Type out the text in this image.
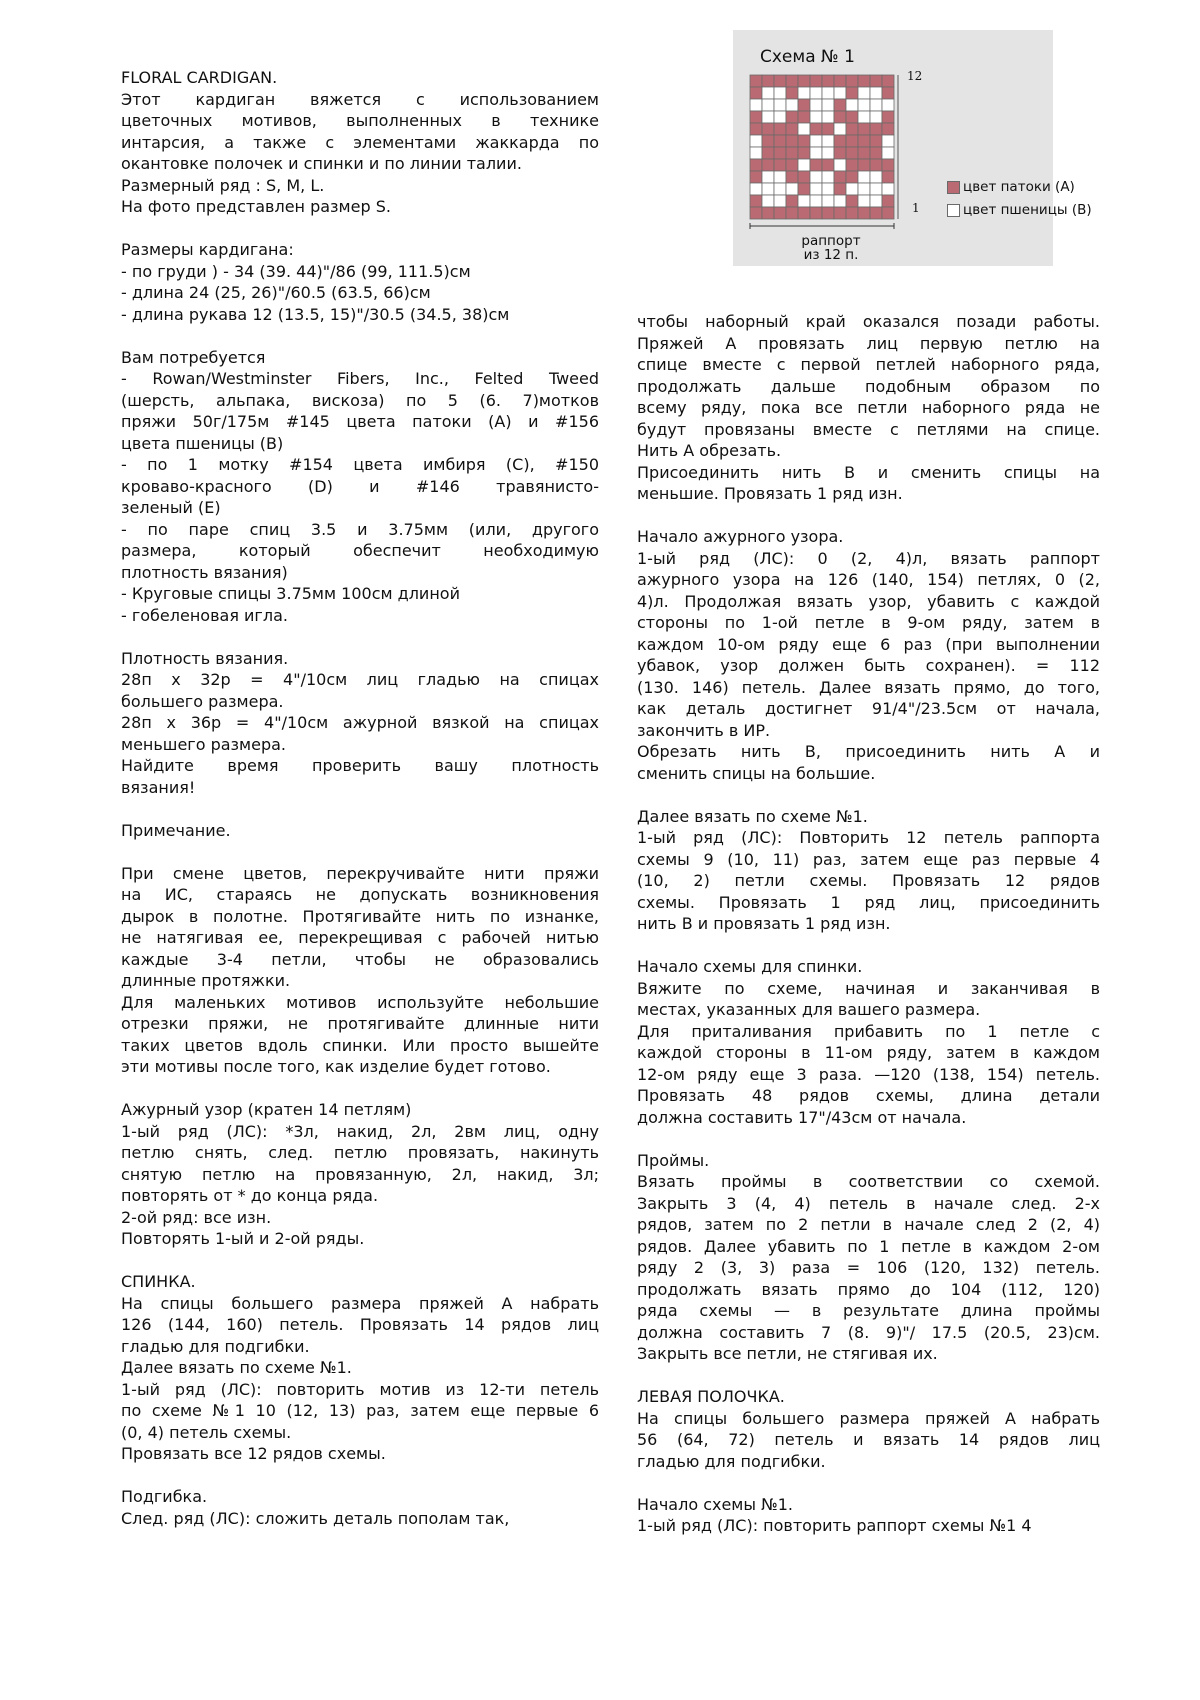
FLORAL CARDIGAN.

Этот кардиган вяжется с использованием

цветочных мотивов, выполненных в технике

интарсия, а также с элементами жаккарда по

окантовке полочек и спинки и по линии талии.

Размерный ряд : S, M, L.

На фото представлен размер S.

Размеры кардигана:

- по груди ) - 34 (39. 44)"/86 (99, 111.5)см

- длина 24 (25, 26)"/60.5 (63.5, 66)см

- длина рукава 12 (13.5, 15)"/30.5 (34.5, 38)см

Вам потребуется

- Rowan/Westminster Fibers, Inc., Felted Tweed

(шерсть, альпака, вискоза) по 5 (6. 7)мотков

пряжи 50г/175м #145 цвета патоки (А) и #156

цвета пшеницы (В)

- по 1 мотку #154 цвета имбиря (С), #150

кроваво-красного (D) и #146 травянисто-

зеленый (Е)

- по паре спиц 3.5 и 3.75мм (или, другого

размера, который обеспечит необходимую

плотность вязания)

- Круговые спицы 3.75мм 100см длиной

- гобеленовая игла.

Плотность вязания.

28п х 32р = 4"/10см лиц гладью на спицах

большего размера.

28п х 36р = 4"/10см ажурной вязкой на спицах

меньшего размера.

Найдите время проверить вашу плотность

вязания!

Примечание.

При смене цветов, перекручивайте нити пряжи

на ИС, стараясь не допускать возникновения

дырок в полотне. Протягивайте нить по изнанке,

не натягивая ее, перекрещивая с рабочей нитью

каждые 3-4 петли, чтобы не образовались

длинные протяжки.

Для маленьких мотивов используйте небольшие

отрезки пряжи, не протягивайте длинные нити

таких цветов вдоль спинки. Или просто вышейте

эти мотивы после того, как изделие будет готово.

Ажурный узор (кратен 14 петлям)

1-ый ряд (ЛС): *3л, накид, 2л, 2вм лиц, одну

петлю снять, след. петлю провязать, накинуть

снятую петлю на провязанную, 2л, накид, 3л;

повторять от * до конца ряда.

2-ой ряд: все изн.

Повторять 1-ый и 2-ой ряды.

СПИНКА.

На спицы большего размера пряжей А набрать

126 (144, 160) петель. Провязать 14 рядов лиц

гладью для подгибки.

Далее вязать по схеме №1.

1-ый ряд (ЛС): повторить мотив из 12-ти петель

по схеме №1 10 (12, 13) раз, затем еще первые 6

(0, 4) петель схемы.

Провязать все 12 рядов схемы.

Подгибка.

След. ряд (ЛС): сложить деталь пополам так,

чтобы наборный край оказался позади работы.

Пряжей А провязать лиц первую петлю на

спице вместе с первой петлей наборного ряда,

продолжать дальше подобным образом по

всему ряду, пока все петли наборного ряда не

будут провязаны вместе с петлями на спице.

Нить А обрезать.

Присоединить нить В и сменить спицы на

меньшие. Провязать 1 ряд изн.

Начало ажурного узора.

1-ый ряд (ЛС): 0 (2, 4)л, вязать раппорт

ажурного узора на 126 (140, 154) петлях, 0 (2,

4)л. Продолжая вязать узор, убавить с каждой

стороны по 1-ой петле в 9-ом ряду, затем в

каждом 10-ом ряду еще 6 раз (при выполнении

убавок, узор должен быть сохранен). = 112

(130. 146) петель. Далее вязать прямо, до того,

как деталь достигнет 91/4"/23.5см от начала,

закончить в ИР.

Обрезать нить В, присоединить нить А и

сменить спицы на большие.

Далее вязать по схеме №1.

1-ый ряд (ЛС): Повторить 12 петель раппорта

схемы 9 (10, 11) раз, затем еще раз первые 4

(10, 2) петли схемы. Провязать 12 рядов

схемы. Провязать 1 ряд лиц, присоединить

нить В и провязать 1 ряд изн.

Начало схемы для спинки.

Вяжите по схеме, начиная и заканчивая в

местах, указанных для вашего размера.

Для приталивания прибавить по 1 петле с

каждой стороны в 11-ом ряду, затем в каждом

12-ом ряду еще 3 раза. —120 (138, 154) петель.

Провязать 48 рядов схемы, длина детали

должна составить 17"/43см от начала.

Проймы.

Вязать проймы в соответствии со схемой.

Закрыть 3 (4, 4) петель в начале след. 2-х

рядов, затем по 2 петли в начале след 2 (2, 4)

рядов. Далее убавить по 1 петле в каждом 2-ом

ряду 2 (3, 3) раза = 106 (120, 132) петель.

продолжать вязать прямо до 104 (112, 120)

ряда схемы — в результате длина проймы

должна составить 7 (8. 9)"/ 17.5 (20.5, 23)см.

Закрыть все петли, не стягивая их.

ЛЕВАЯ ПОЛОЧКА.

На спицы большего размера пряжей А набрать

56 (64, 72) петель и вязать 14 рядов лиц

гладью для подгибки.

Начало схемы №1.

1-ый ряд (ЛС): повторить раппорт схемы №1 4

Схема № 1
12
1
раппорт
из 12 п.
цвет патоки (А)
цвет пшеницы (В)
